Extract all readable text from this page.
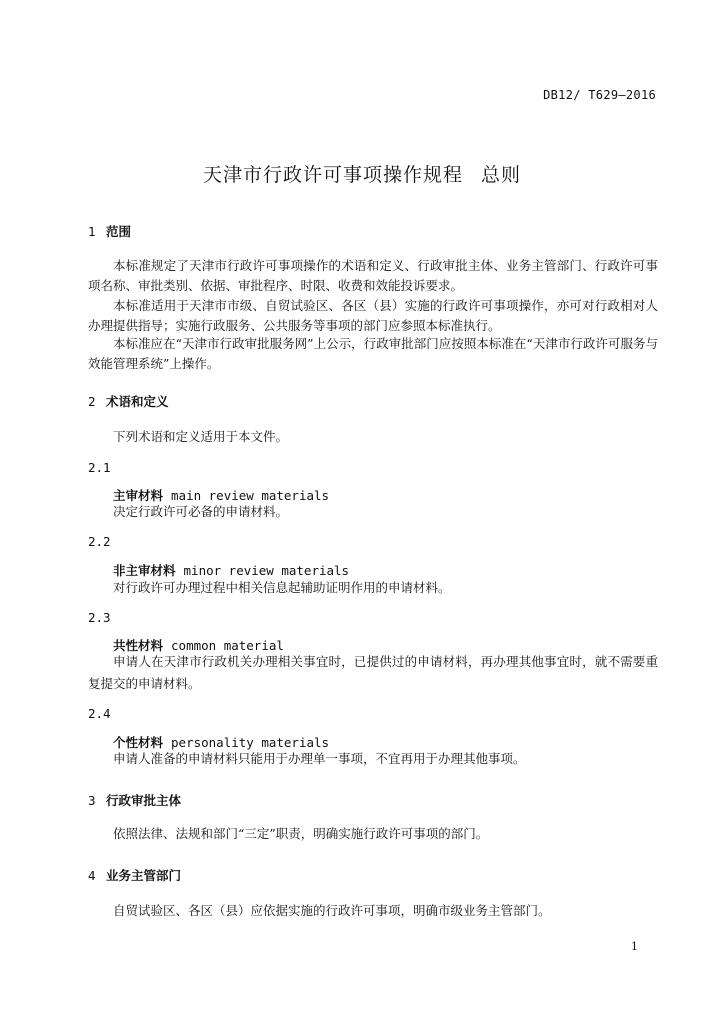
DB12/ T629—2016
天津市行政许可事项操作规程 总则
1 范围
本标准规定了天津市行政许可事项操作的术语和定义、行政审批主体、业务主管部门、行政许可事项名称、审批类别、依据、审批程序、时限、收费和效能投诉要求。
本标准适用于天津市市级、自贸试验区、各区（县）实施的行政许可事项操作，亦可对行政相对人办理提供指导；实施行政服务、公共服务等事项的部门应参照本标准执行。
本标准应在“天津市行政审批服务网”上公示，行政审批部门应按照本标准在“天津市行政许可服务与效能管理系统”上操作。
2 术语和定义
下列术语和定义适用于本文件。
2.1
主审材料 main review materials
决定行政许可必备的申请材料。
2.2
非主审材料 minor review materials
对行政许可办理过程中相关信息起辅助证明作用的申请材料。
2.3
共性材料 common material
申请人在天津市行政机关办理相关事宜时，已提供过的申请材料，再办理其他事宜时，就不需要重复提交的申请材料。
2.4
个性材料 personality materials
申请人准备的申请材料只能用于办理单一事项，不宜再用于办理其他事项。
3 行政审批主体
依照法律、法规和部门“三定”职责，明确实施行政许可事项的部门。
4 业务主管部门
自贸试验区、各区（县）应依据实施的行政许可事项，明确市级业务主管部门。
1
